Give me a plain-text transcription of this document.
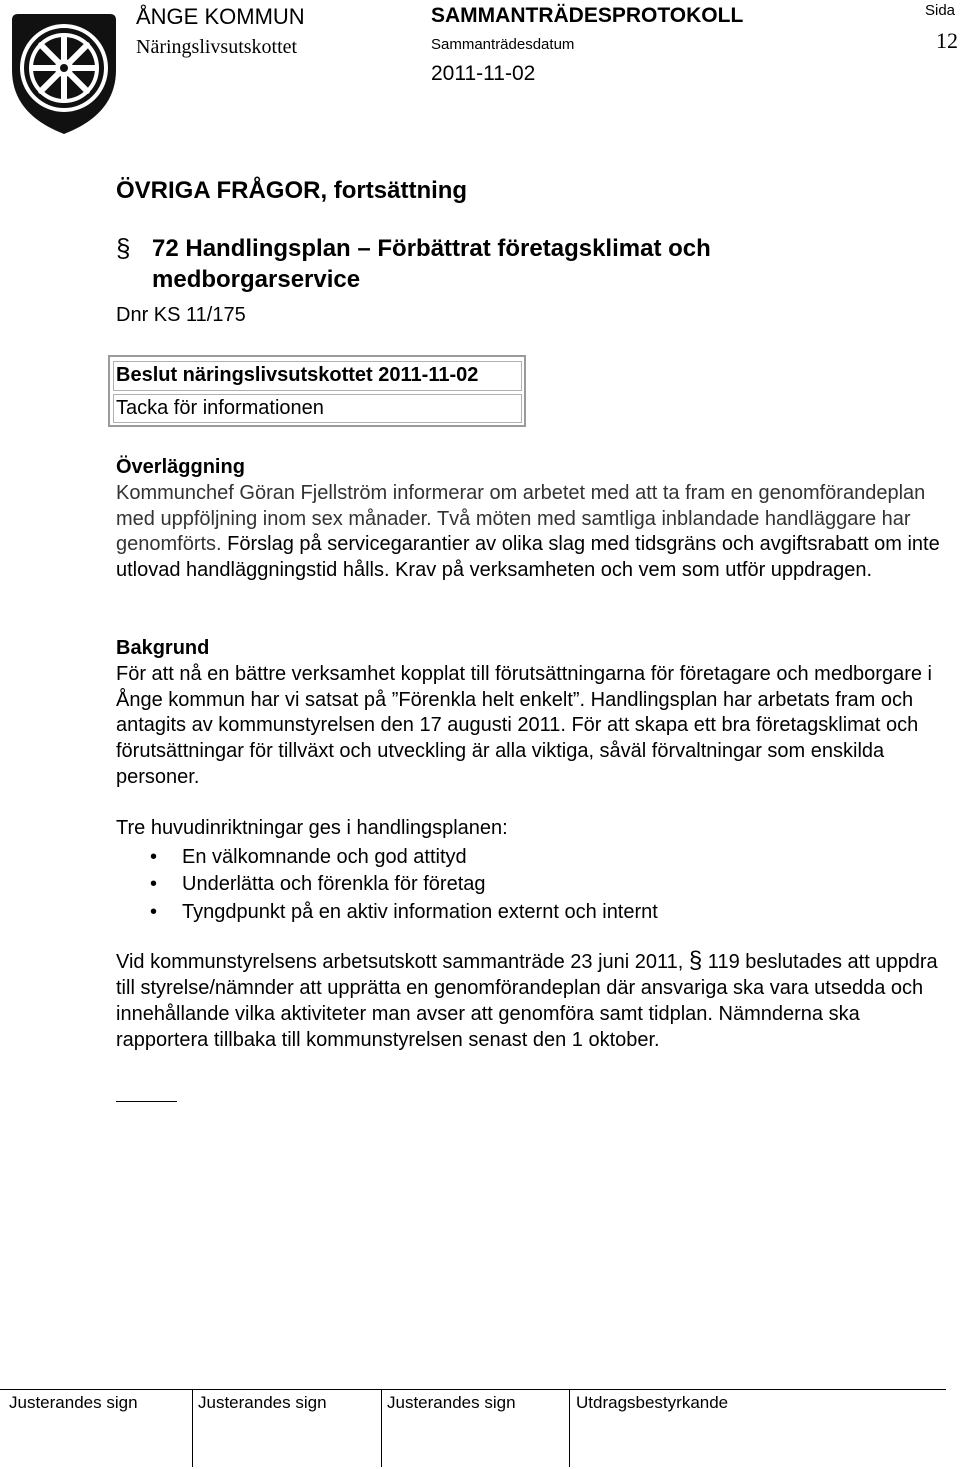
ÅNGE KOMMUN
Näringslivsutskottet
SAMMANTRÄDESPROTOKOLL
Sammanträdesdatum
2011-11-02
Sida
12
ÖVRIGA FRÅGOR, fortsättning
§ 72 Handlingsplan – Förbättrat företagsklimat och medborgarservice
Dnr KS 11/175
Beslut näringslivsutskottet 2011-11-02
Tacka för informationen
Överläggning
Kommunchef Göran Fjellström informerar om arbetet med att ta fram en genomförandeplan med uppföljning inom sex månader. Två möten med samtliga inblandade handläggare har genomförts. Förslag på servicegarantier av olika slag med tidsgräns och avgiftsrabatt om inte utlovad handläggningstid hålls. Krav på verksamheten och vem som utför uppdragen.
Bakgrund
För att nå en bättre verksamhet kopplat till förutsättningarna för företagare och medborgare i Ånge kommun har vi satsat på ”Förenkla helt enkelt”. Handlingsplan har arbetats fram och antagits av kommunstyrelsen den 17 augusti 2011. För att skapa ett bra företagsklimat och förutsättningar för tillväxt och utveckling är alla viktiga, såväl förvaltningar som enskilda personer.
Tre huvudinriktningar ges i handlingsplanen:
•	En välkomnande och god attityd
•	Underlätta och förenkla för företag
•	Tyngdpunkt på en aktiv information externt och internt
Vid kommunstyrelsens arbetsutskott sammanträde 23 juni 2011, § 119 beslutades att uppdra till styrelse/nämnder att upprätta en genomförandeplan där ansvariga ska vara utsedda och innehållande vilka aktiviteter man avser att genomföra samt tidplan. Nämnderna ska rapportera tillbaka till kommunstyrelsen senast den 1 oktober.
Justerandes sign	Justerandes sign	Justerandes sign	Utdragsbestyrkande
